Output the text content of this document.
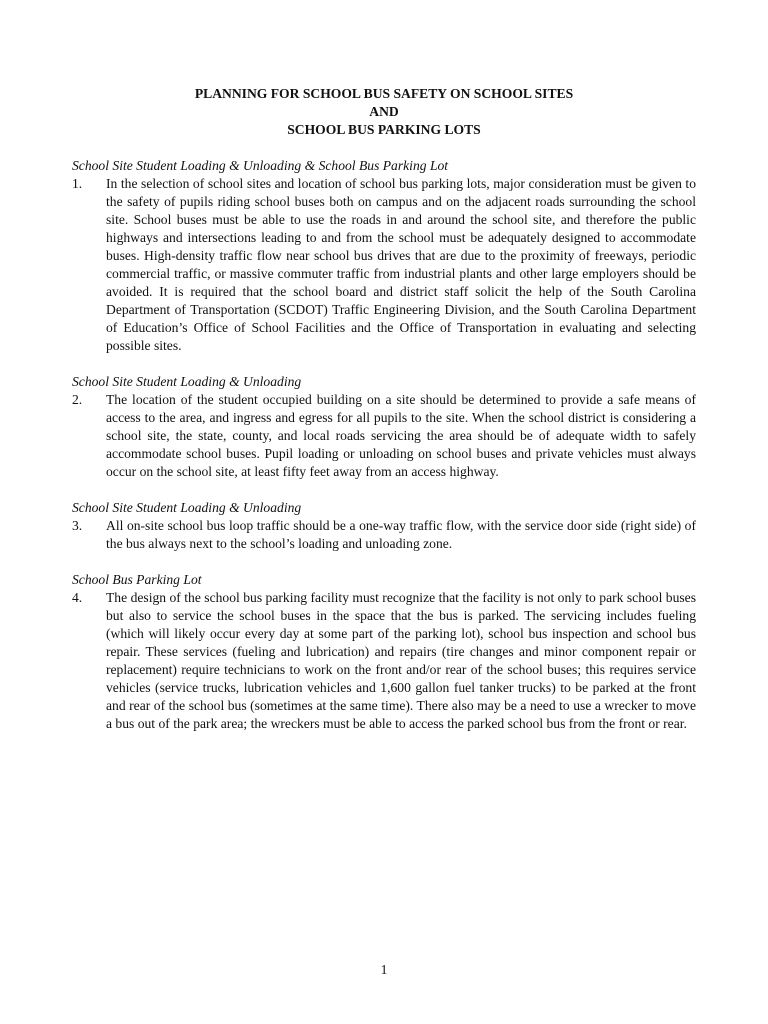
PLANNING FOR SCHOOL BUS SAFETY ON SCHOOL SITES
AND
SCHOOL BUS PARKING LOTS
School Site Student Loading & Unloading & School Bus Parking Lot
1.	In the selection of school sites and location of school bus parking lots, major consideration must be given to the safety of pupils riding school buses both on campus and on the adjacent roads surrounding the school site. School buses must be able to use the roads in and around the school site, and therefore the public highways and intersections leading to and from the school must be adequately designed to accommodate buses. High-density traffic flow near school bus drives that are due to the proximity of freeways, periodic commercial traffic, or massive commuter traffic from industrial plants and other large employers should be avoided. It is required that the school board and district staff solicit the help of the South Carolina Department of Transportation (SCDOT) Traffic Engineering Division, and the South Carolina Department of Education’s Office of School Facilities and the Office of Transportation in evaluating and selecting possible sites.

School Site Student Loading & Unloading
2.	The location of the student occupied building on a site should be determined to provide a safe means of access to the area, and ingress and egress for all pupils to the site. When the school district is considering a school site, the state, county, and local roads servicing the area should be of adequate width to safely accommodate school buses. Pupil loading or unloading on school buses and private vehicles must always occur on the school site, at least fifty feet away from an access highway.

School Site Student Loading & Unloading
3.	All on-site school bus loop traffic should be a one-way traffic flow, with the service door side (right side) of the bus always next to the school’s loading and unloading zone.

School Bus Parking Lot
4.	The design of the school bus parking facility must recognize that the facility is not only to park school buses but also to service the school buses in the space that the bus is parked. The servicing includes fueling (which will likely occur every day at some part of the parking lot), school bus inspection and school bus repair. These services (fueling and lubrication) and repairs (tire changes and minor component repair or replacement) require technicians to work on the front and/or rear of the school buses; this requires service vehicles (service trucks, lubrication vehicles and 1,600 gallon fuel tanker trucks) to be parked at the front and rear of the school bus (sometimes at the same time). There also may be a need to use a wrecker to move a bus out of the park area; the wreckers must be able to access the parked school bus from the front or rear.

1
